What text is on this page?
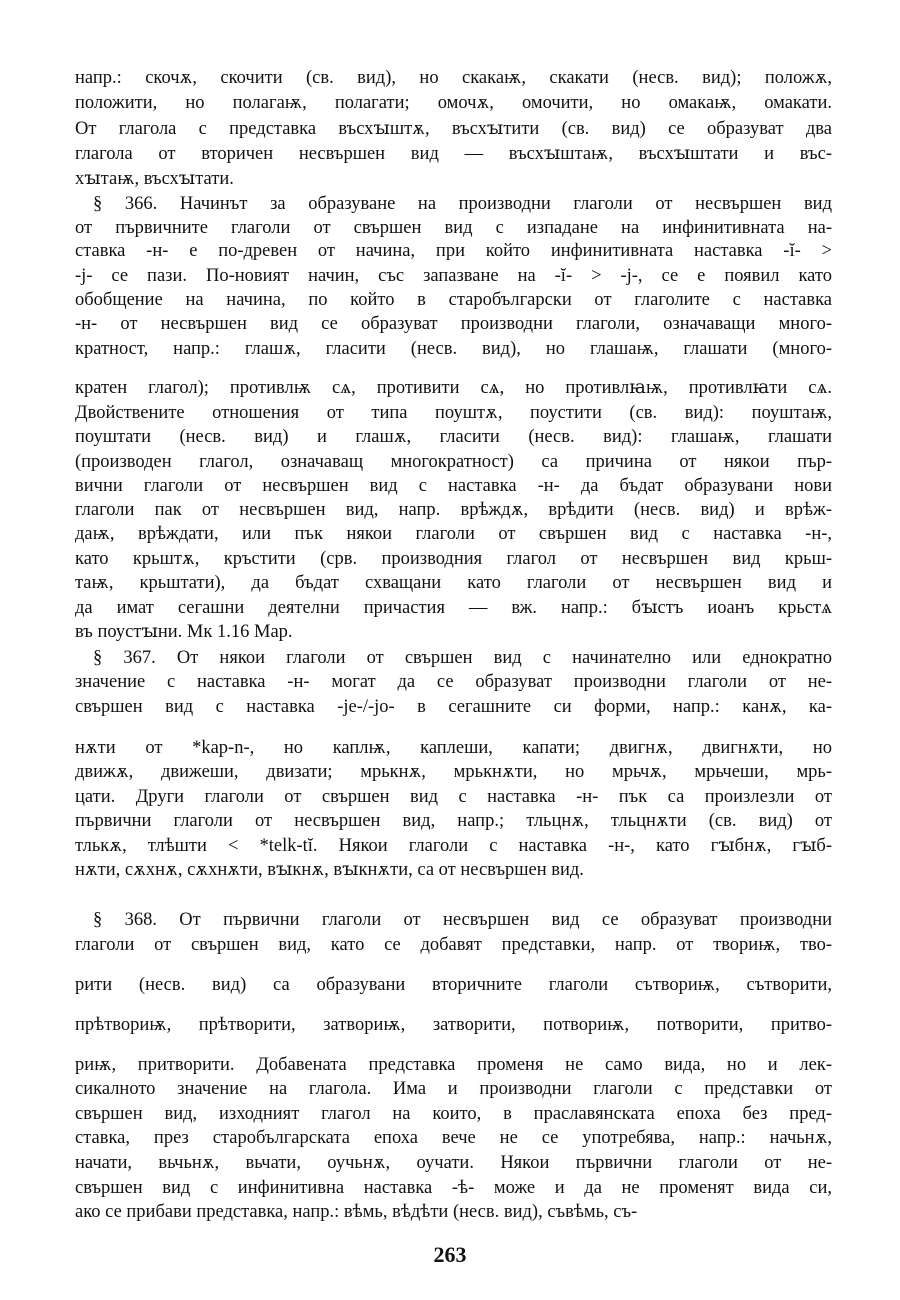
напр.: скочѫ, скочити (св. вид), но скакаѭ, скакати (несв. вид); положѫ,
положити, но полагаѭ, полагати; омочѫ, омочити, но омакаѭ, омакати.
От глагола с представка въсхꙑштѫ, въсхꙑтити (св. вид) се образуват два
глагола от вторичен несвършен вид — въсхꙑштаѭ, въсхꙑштати и въс-
хꙑтаѭ, въсхꙑтати.
§ 366. Начинът за образуване на производни глаголи от несвършен вид
от първичните глаголи от свършен вид с изпадане на инфинитивната на-
ставка -н- е по-древен от начина, при който инфинитивната наставка -ĭ- >
-j- се пази. По-новият начин, със запазване на -ĭ- > -j-, се е появил като
обобщение на начина, по който в старобългарски от глаголите с наставка
-н- от несвършен вид се образуват производни глаголи, означаващи много-
кратност, напр.: глашѫ, гласити (несв. вид), но глашаѭ, глашати (много-
кратен глагол); противлѭ сѧ, противити сѧ, но противлꙗѭ, противлꙗти сѧ.
Двойствените отношения от типа поуштѫ, поустити (св. вид): поуштаѭ,
поуштати (несв. вид) и глашѫ, гласити (несв. вид): глашаѭ, глашати
(производен глагол, означаващ многократност) са причина от някои пър-
вични глаголи от несвършен вид с наставка -н- да бъдат образувани нови
глаголи пак от несвършен вид, напр. врѣждѫ, врѣдити (несв. вид) и врѣж-
даѭ, врѣждати, или пък някои глаголи от свършен вид с наставка -н-,
като крьштѫ, кръстити (срв. производния глагол от несвършен вид крьш-
таѭ, крьштати), да бъдат схващани като глаголи от несвършен вид и
да имат сегашни деятелни причастия — вж. напр.: бꙑстъ иоанъ крьстѧ
въ поустꙑни. Мк 1.16 Мар.
§ 367. От някои глаголи от свършен вид с начинателно или еднократно
значение с наставка -н- могат да се образуват производни глаголи от не-
свършен вид с наставка -je-/-jo- в сегашните си форми, напр.: канѫ, ка-
нѫти от *kap-n-, но каплѭ, каплеши, капати; двигнѫ, двигнѫти, но
движѫ, движеши, двизати; мрькнѫ, мрькнѫти, но мрьчѫ, мрьчеши, мрь-
цати. Други глаголи от свършен вид с наставка -н- пък са произлезли от
първични глаголи от несвършен вид, напр.; тльцнѫ, тльцнѫти (св. вид) от
тлькѫ, тлѣшти < *telk-tĭ. Някои глаголи с наставка -н-, като гꙑбнѫ, гꙑб-
нѫти, сѫхнѫ, сѫхнѫти, вꙑкнѫ, вꙑкнѫти, са от несвършен вид.
§ 368. От първични глаголи от несвършен вид се образуват производни
глаголи от свършен вид, като се добавят представки, напр. от твориѭ, тво-
рити (несв. вид) са образувани вторичните глаголи сътвориѭ, сътворити,
прѣтвориѭ, прѣтворити, затвориѭ, затворити, потвориѭ, потворити, притво-
риѭ, притворити. Добавената представка променя не само вида, но и лек-
сикалното значение на глагола. Има и производни глаголи с представки от
свършен вид, изходният глагол на които, в праславянската епоха без пред-
ставка, през старобългарската епоха вече не се употребява, напр.: начьнѫ,
начати, вьчьнѫ, вьчати, оучьнѫ, оучати. Някои първични глаголи от не-
свършен вид с инфинитивна наставка -ѣ- може и да не променят вида си,
ако се прибави представка, напр.: вѣмь, вѣдѣти (несв. вид), съвѣмь, съ-
263
